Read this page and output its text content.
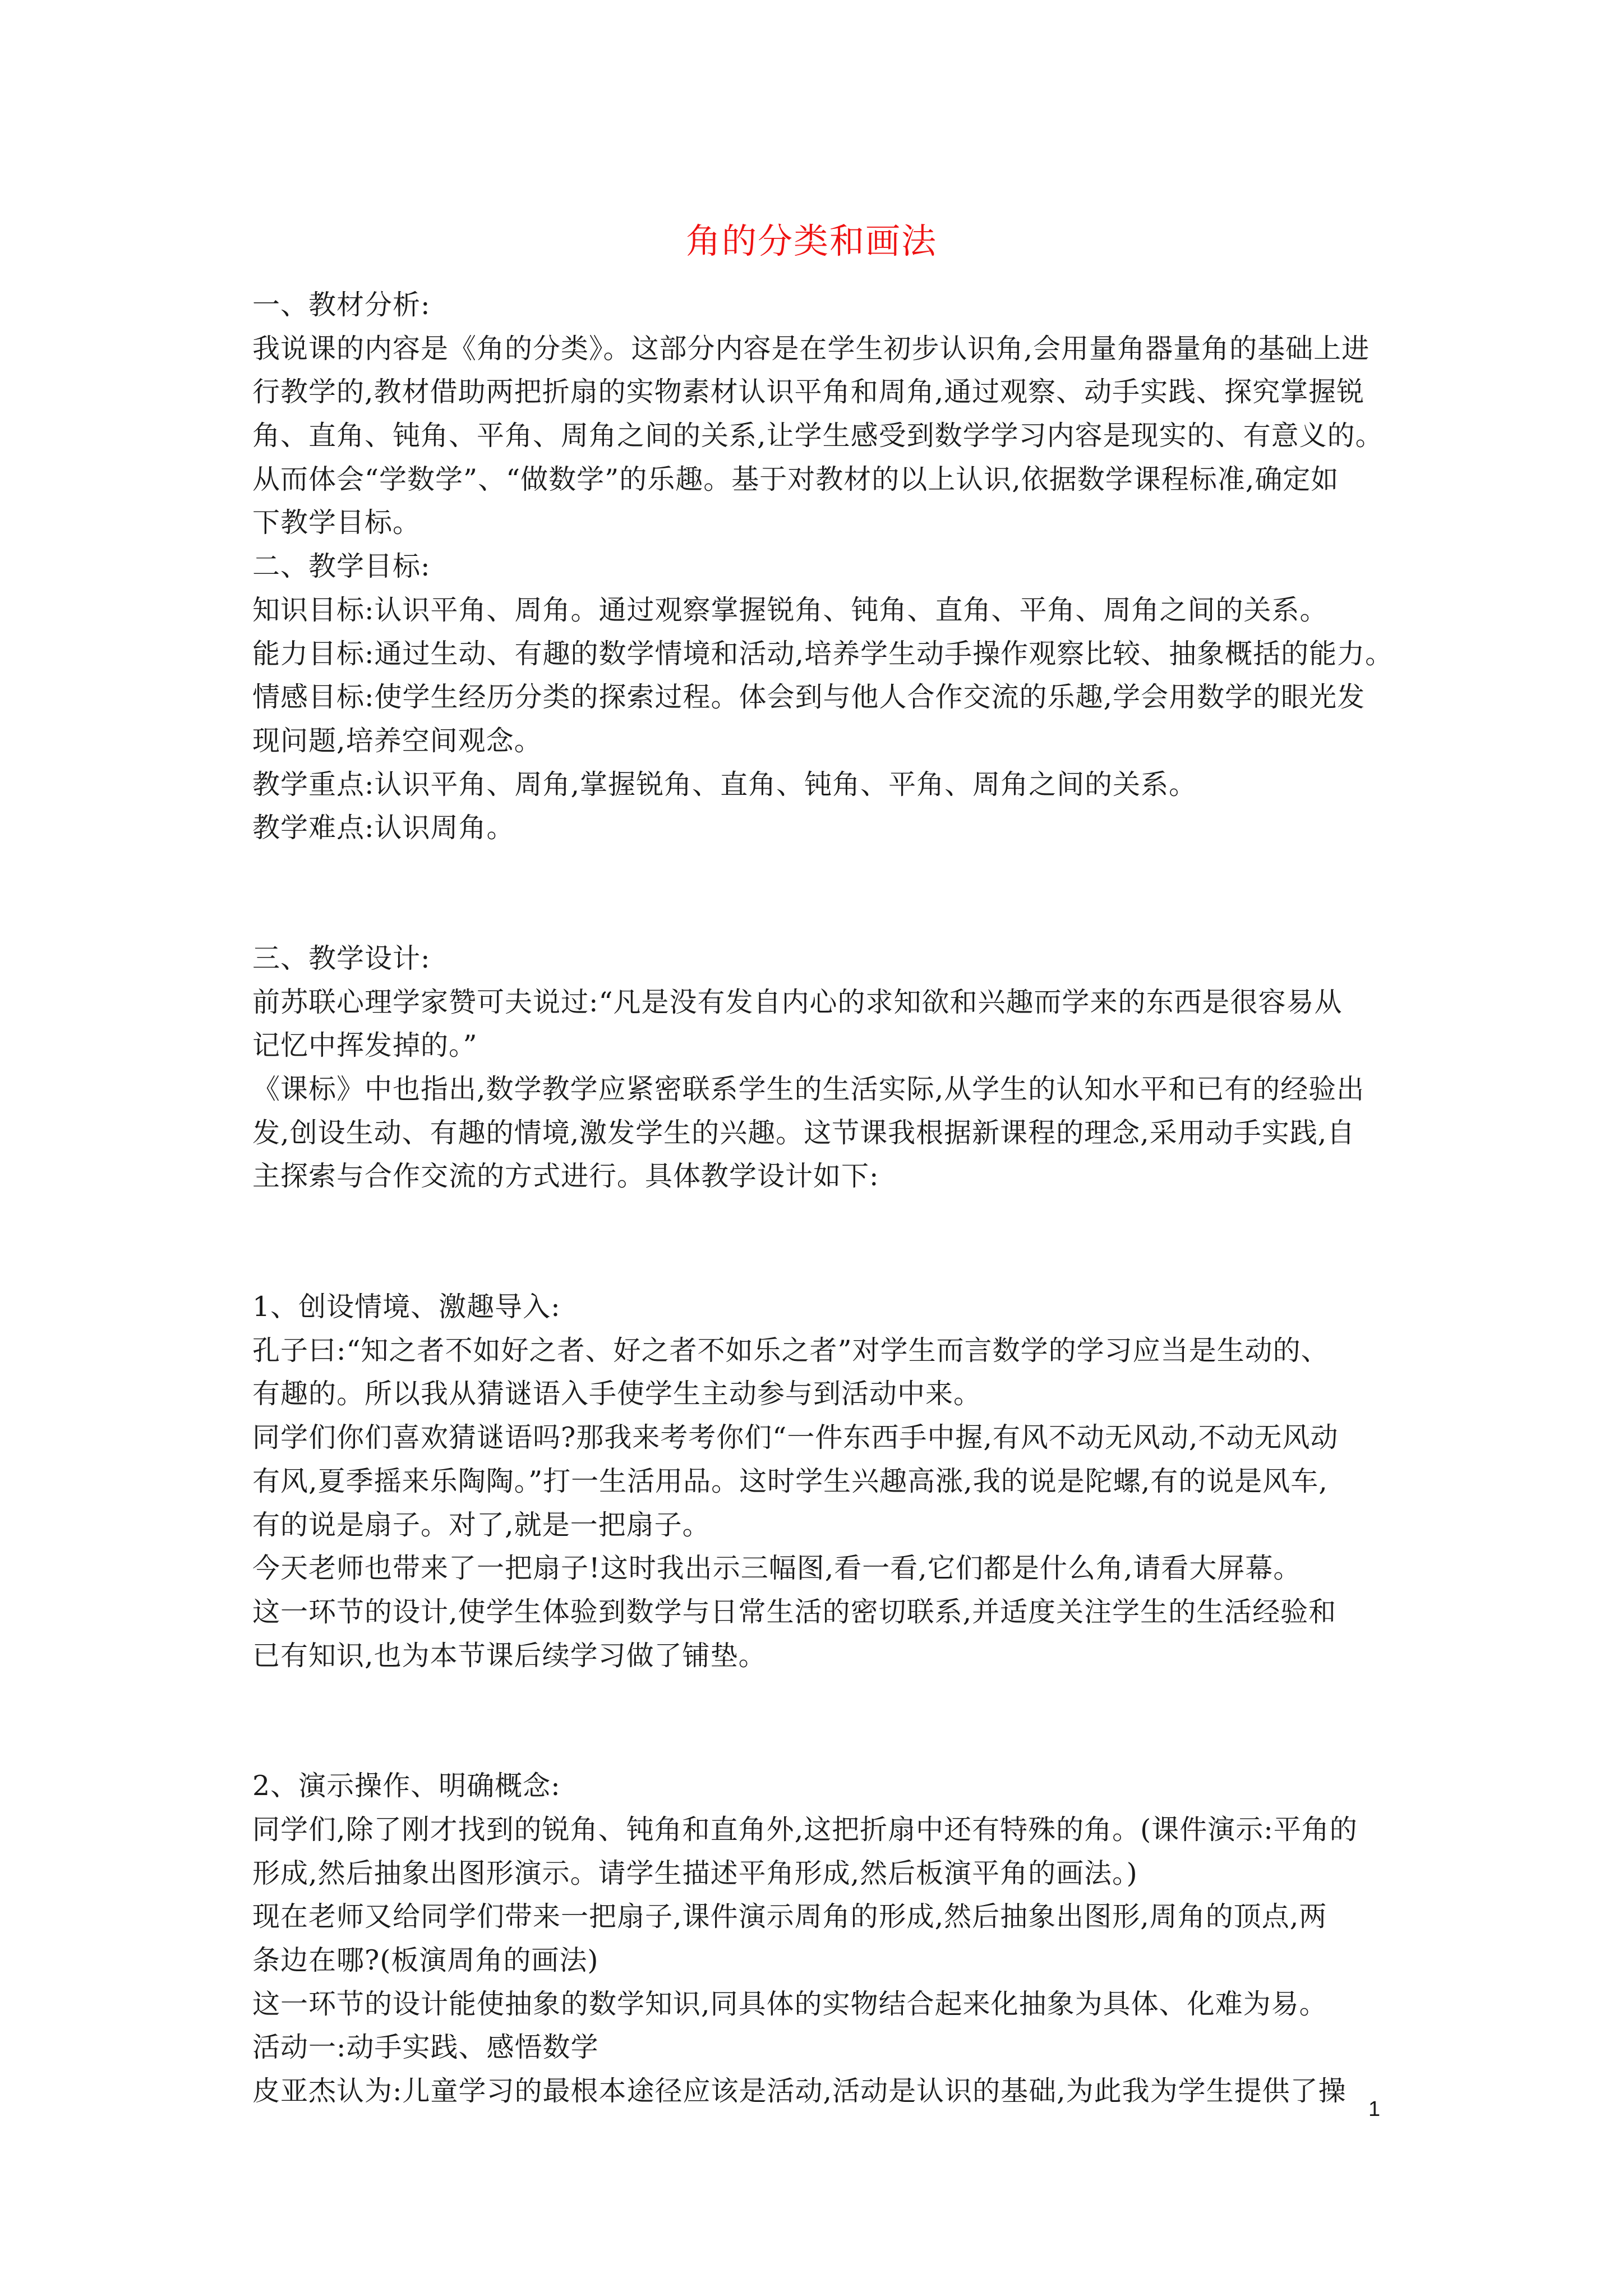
角的分类和画法
一、教材分析:
我说课的内容是《角的分类》。这部分内容是在学生初步认识角,会用量角器量角的基础上进
行教学的,教材借助两把折扇的实物素材认识平角和周角,通过观察、动手实践、探究掌握锐
角、直角、钝角、平角、周角之间的关系,让学生感受到数学学习内容是现实的、有意义的。
从而体会“学数学”、“做数学”的乐趣。基于对教材的以上认识,依据数学课程标准,确定如
下教学目标。
二、教学目标:
知识目标:认识平角、周角。通过观察掌握锐角、钝角、直角、平角、周角之间的关系。
能力目标:通过生动、有趣的数学情境和活动,培养学生动手操作观察比较、抽象概括的能力。
情感目标:使学生经历分类的探索过程。体会到与他人合作交流的乐趣,学会用数学的眼光发
现问题,培养空间观念。
教学重点:认识平角、周角,掌握锐角、直角、钝角、平角、周角之间的关系。
教学难点:认识周角。
三、教学设计:
前苏联心理学家赞可夫说过:“凡是没有发自内心的求知欲和兴趣而学来的东西是很容易从
记忆中挥发掉的。”
《课标》中也指出,数学教学应紧密联系学生的生活实际,从学生的认知水平和已有的经验出
发,创设生动、有趣的情境,激发学生的兴趣。这节课我根据新课程的理念,采用动手实践,自
主探索与合作交流的方式进行。具体教学设计如下:
1、创设情境、激趣导入:
孔子曰:“知之者不如好之者、好之者不如乐之者”对学生而言数学的学习应当是生动的、
有趣的。所以我从猜谜语入手使学生主动参与到活动中来。
同学们你们喜欢猜谜语吗?那我来考考你们“一件东西手中握,有风不动无风动,不动无风动
有风,夏季摇来乐陶陶。”打一生活用品。这时学生兴趣高涨,我的说是陀螺,有的说是风车,
有的说是扇子。对了,就是一把扇子。
今天老师也带来了一把扇子!这时我出示三幅图,看一看,它们都是什么角,请看大屏幕。
这一环节的设计,使学生体验到数学与日常生活的密切联系,并适度关注学生的生活经验和
已有知识,也为本节课后续学习做了铺垫。
2、演示操作、明确概念:
同学们,除了刚才找到的锐角、钝角和直角外,这把折扇中还有特殊的角。(课件演示:平角的
形成,然后抽象出图形演示。请学生描述平角形成,然后板演平角的画法。)
现在老师又给同学们带来一把扇子,课件演示周角的形成,然后抽象出图形,周角的顶点,两
条边在哪?(板演周角的画法)
这一环节的设计能使抽象的数学知识,同具体的实物结合起来化抽象为具体、化难为易。
活动一:动手实践、感悟数学
皮亚杰认为:儿童学习的最根本途径应该是活动,活动是认识的基础,为此我为学生提供了操
1
